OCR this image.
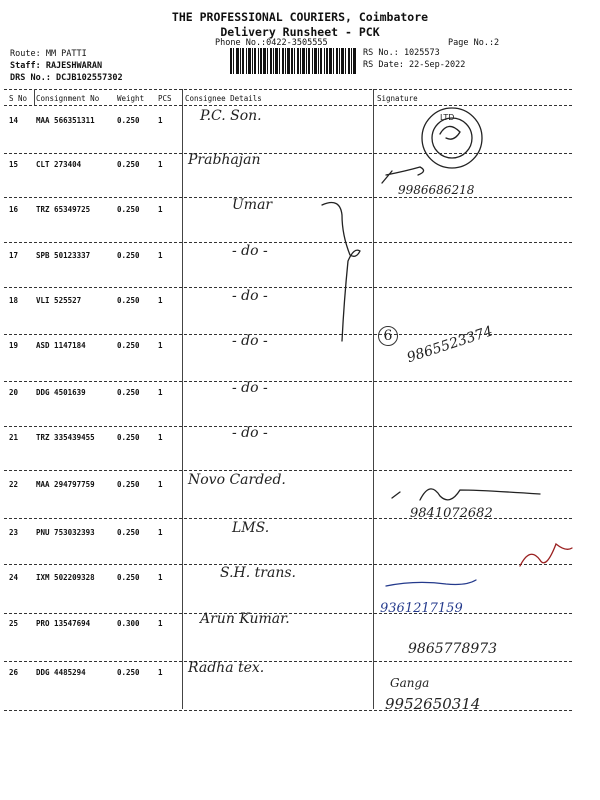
THE PROFESSIONAL COURIERS, Coimbatore
Delivery Runsheet - PCK
Phone No.:0422-3505555	Page No.:2
Route: MM PATTI
Staff: RAJESHWARAN
DRS No.: DCJB102557302
RS No.: 1025573
RS Date: 22-Sep-2022
S No Consignment No Weight PCS Consignee Details	Signature
14 MAA 566351311	0.250 1	P.C. Son.
15 CLT 273404	0.250 1 Prabhajan
9986686218
16 TRZ 65349725	0.250 1	Umar
17 SPB 50123337	0.250 1	- do -
18 VLI 525527	0.250 1	- do -
6
19 ASD 1147184	0.250 1	- do -	9865523374
20 DDG 4501639	0.250 1	- do -
21 TRZ 335439455	0.250 1	- do -
22 MAA 294797759	0.250 1 Novo Carded.
9841072682
23 PNU 753032393	0.250 1	LMS.
24 IXM 502209328	0.250 1	S.H. trans.
9361217159
25 PRO 13547694	0.300 1	Arun Kumar.
9865778973
26 DDG 4485294	0.250 1 Radha tex.
Ganga
9952650314
LTD
